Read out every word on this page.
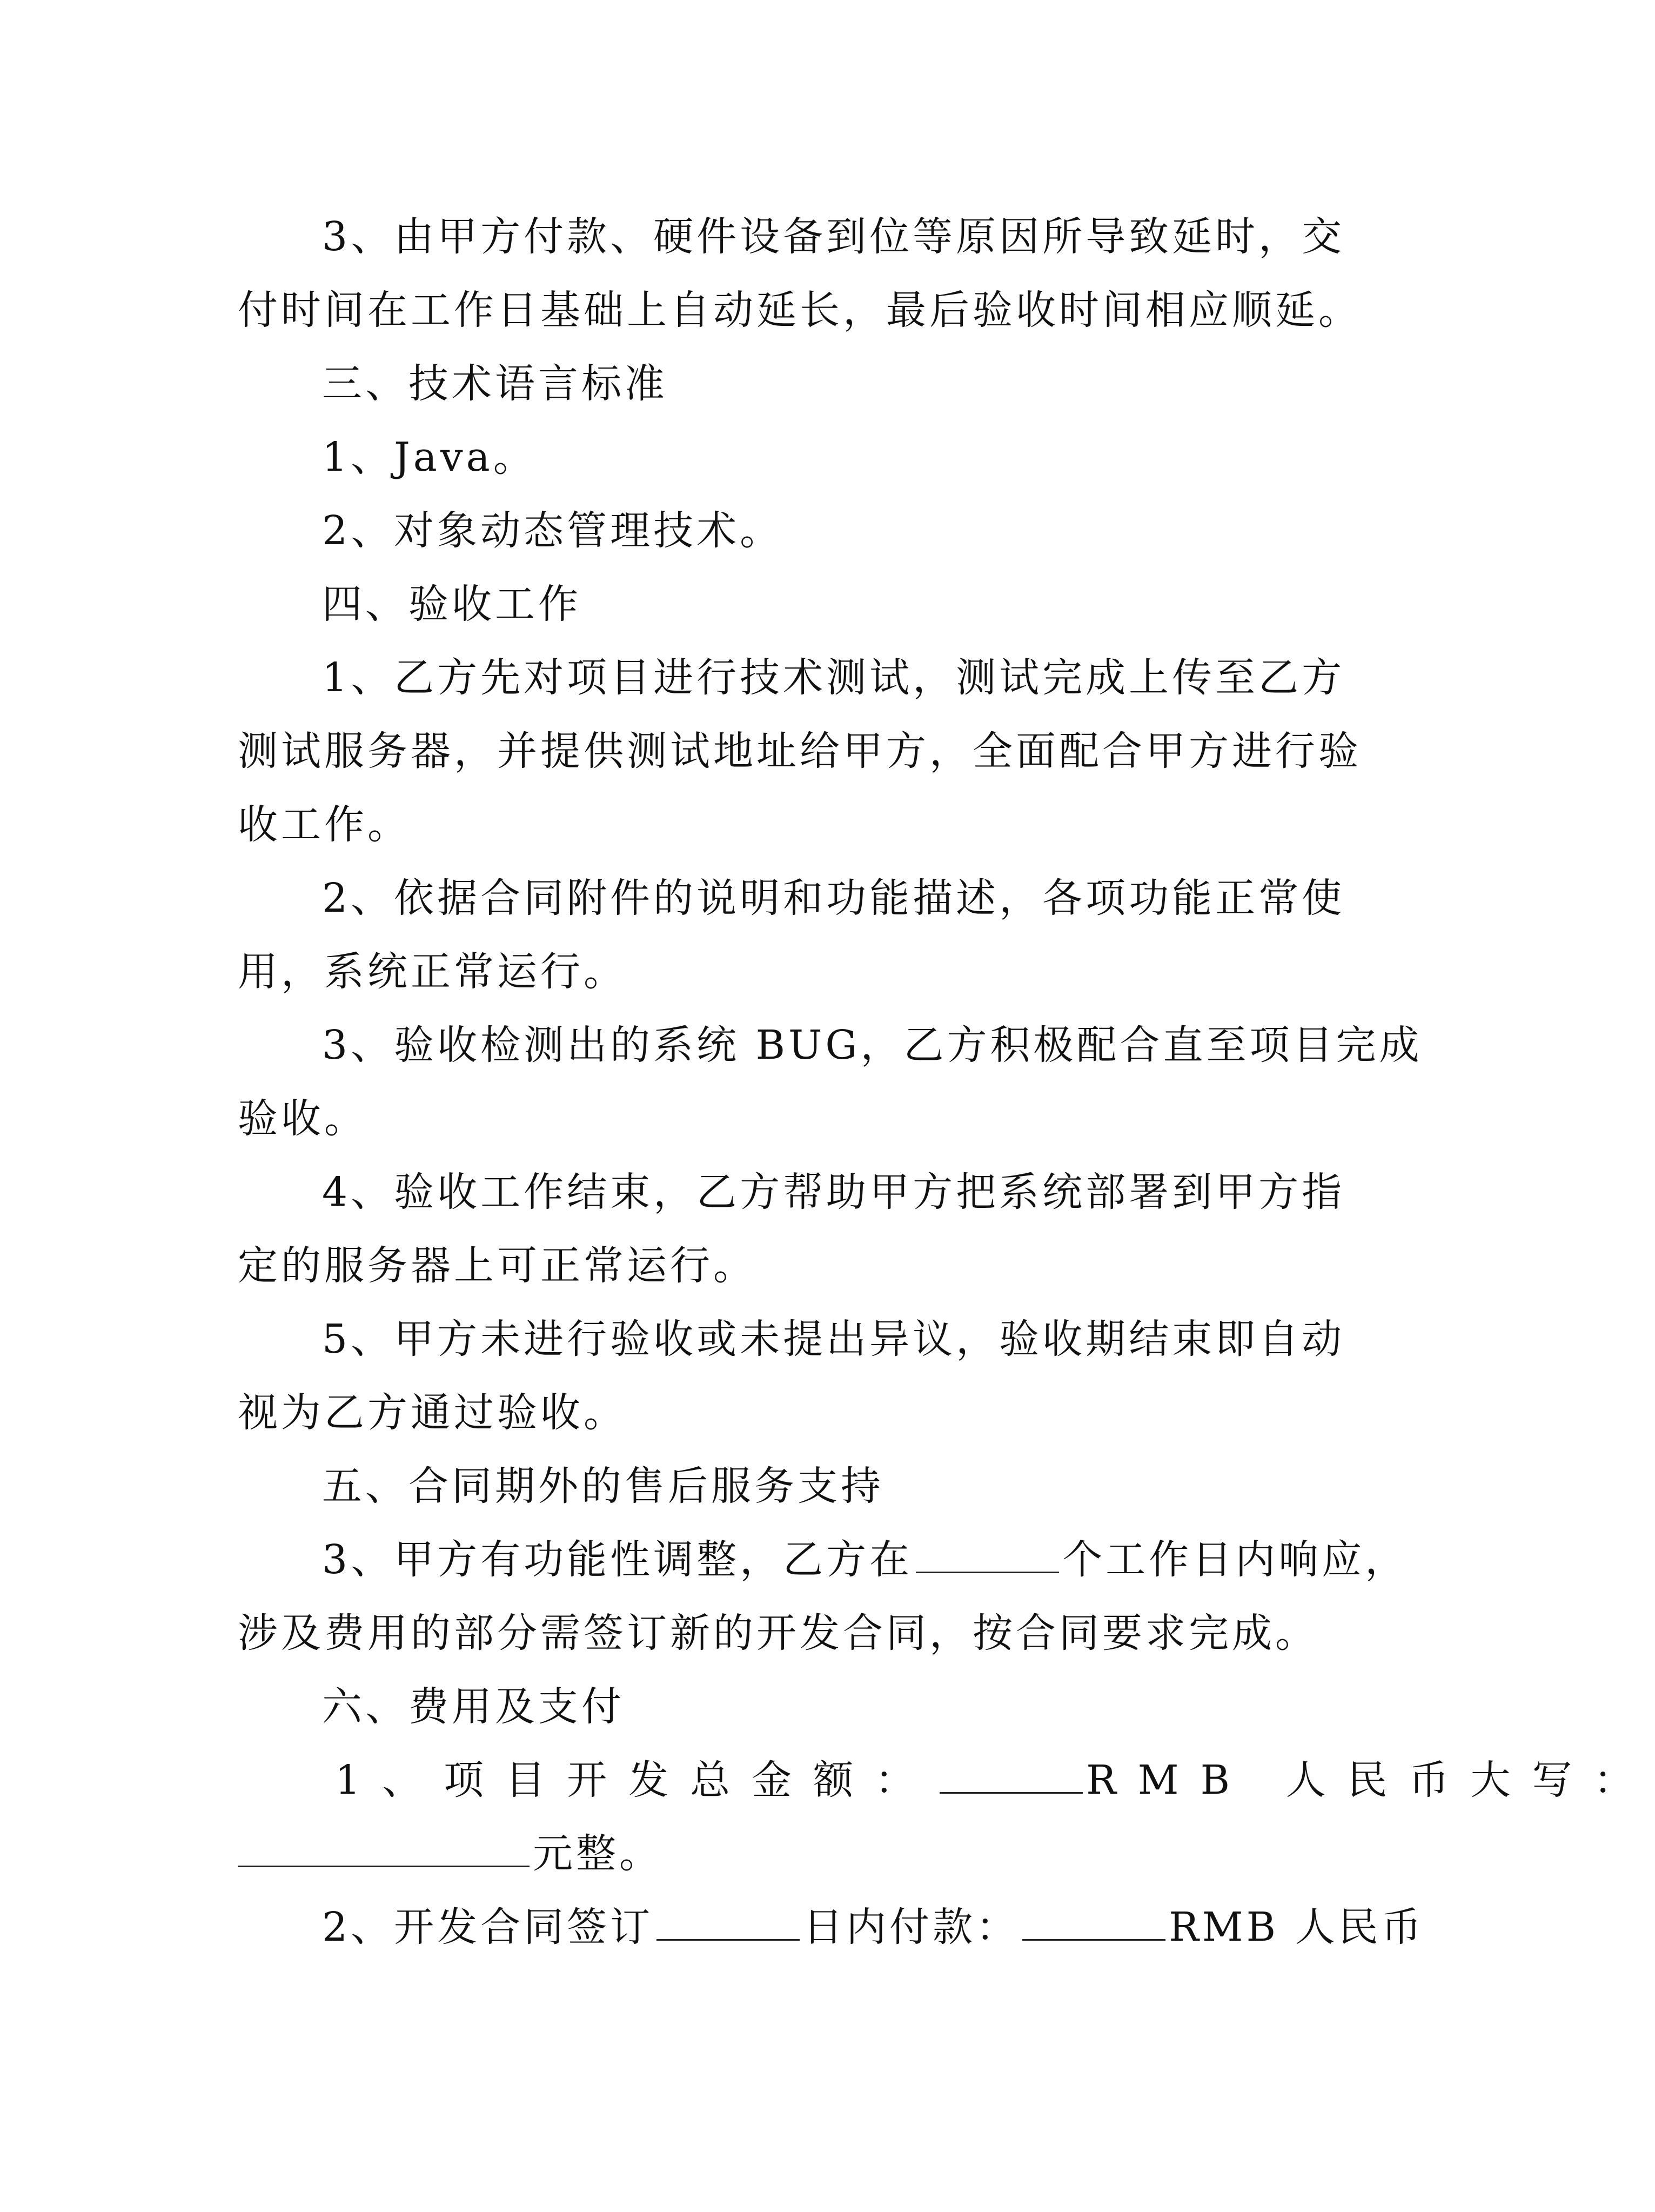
3、由甲方付款、硬件设备到位等原因所导致延时，交
付时间在工作日基础上自动延长，最后验收时间相应顺延。
三、技术语言标准
1、Java。
2、对象动态管理技术。
四、验收工作
1、乙方先对项目进行技术测试，测试完成上传至乙方
测试服务器，并提供测试地址给甲方，全面配合甲方进行验
收工作。
2、依据合同附件的说明和功能描述，各项功能正常使
用，系统正常运行。
3、验收检测出的系统 BUG，乙方积极配合直至项目完成
验收。
4、验收工作结束，乙方帮助甲方把系统部署到甲方指
定的服务器上可正常运行。
5、甲方未进行验收或未提出异议，验收期结束即自动
视为乙方通过验收。
五、合同期外的售后服务支持
3、甲方有功能性调整，乙方在	个工作日内响应，
涉及费用的部分需签订新的开发合同，按合同要求完成。
六、费用及支付
1、项目开发总金额：	RMB 人民币大写：
元整。
2、开发合同签订	日内付款：	RMB 人民币
